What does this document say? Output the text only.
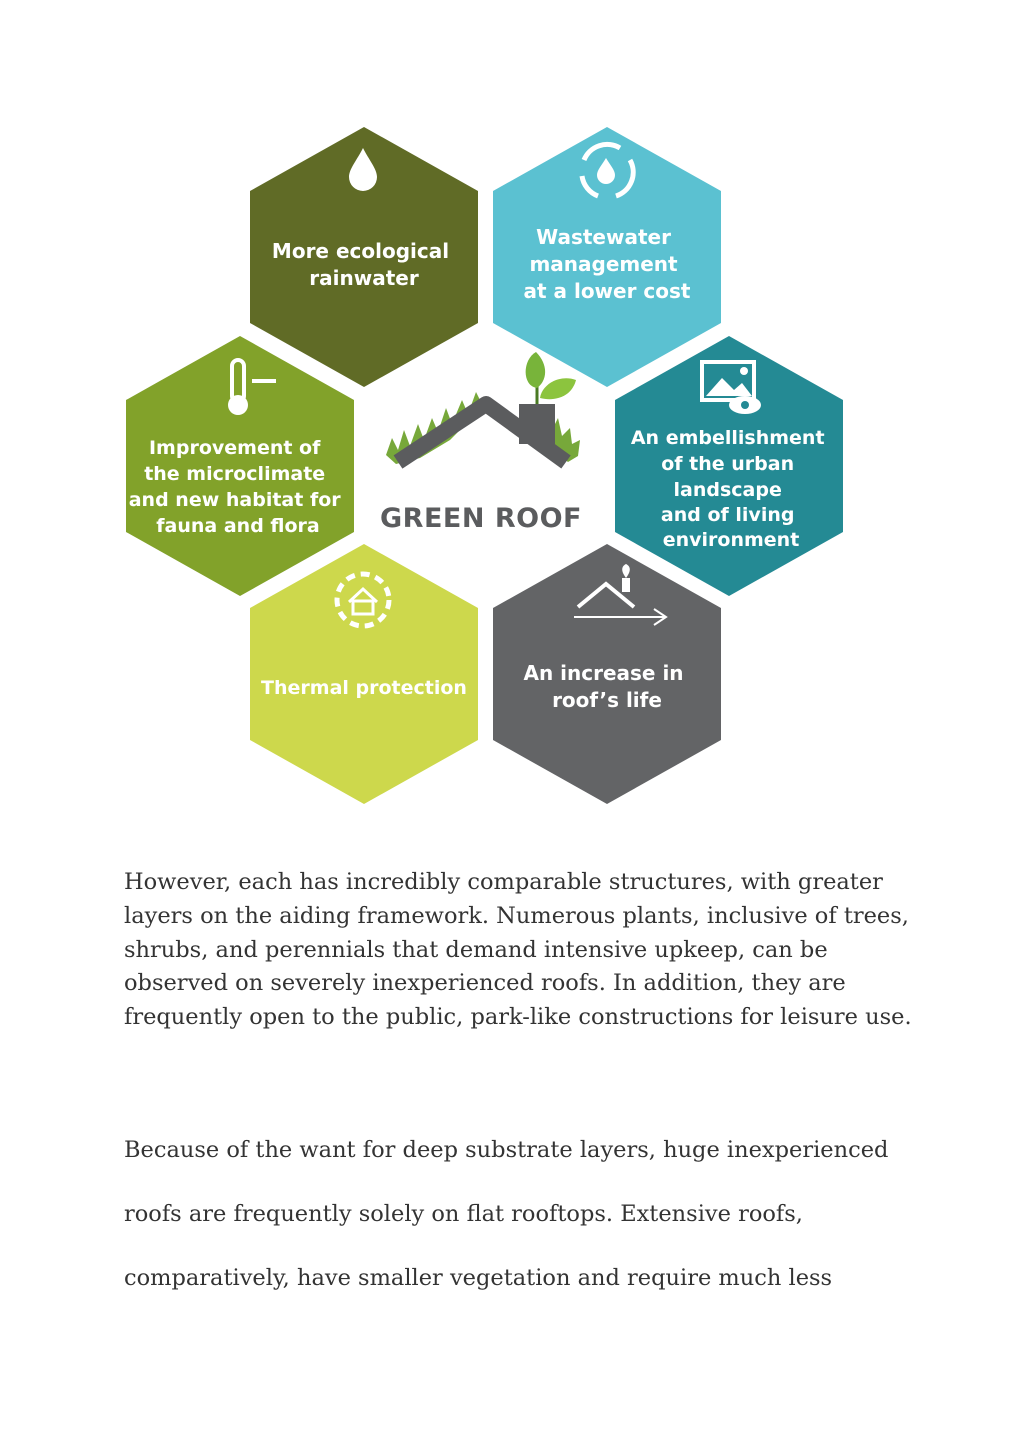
More ecological rainwater
Wastewater management at a lower cost
Improvement of the microclimate and new habitat for fauna and flora
An embellishment of the urban landscape and of living environment
Thermal protection
An increase in roof’s life
GREEN ROOF

However, each has incredibly comparable structures, with greater layers on the aiding framework. Numerous plants, inclusive of trees, shrubs, and perennials that demand intensive upkeep, can be observed on severely inexperienced roofs. In addition, they are frequently open to the public, park-like constructions for leisure use.

Because of the want for deep substrate layers, huge inexperienced roofs are frequently solely on flat rooftops. Extensive roofs, comparatively, have smaller vegetation and require much less
